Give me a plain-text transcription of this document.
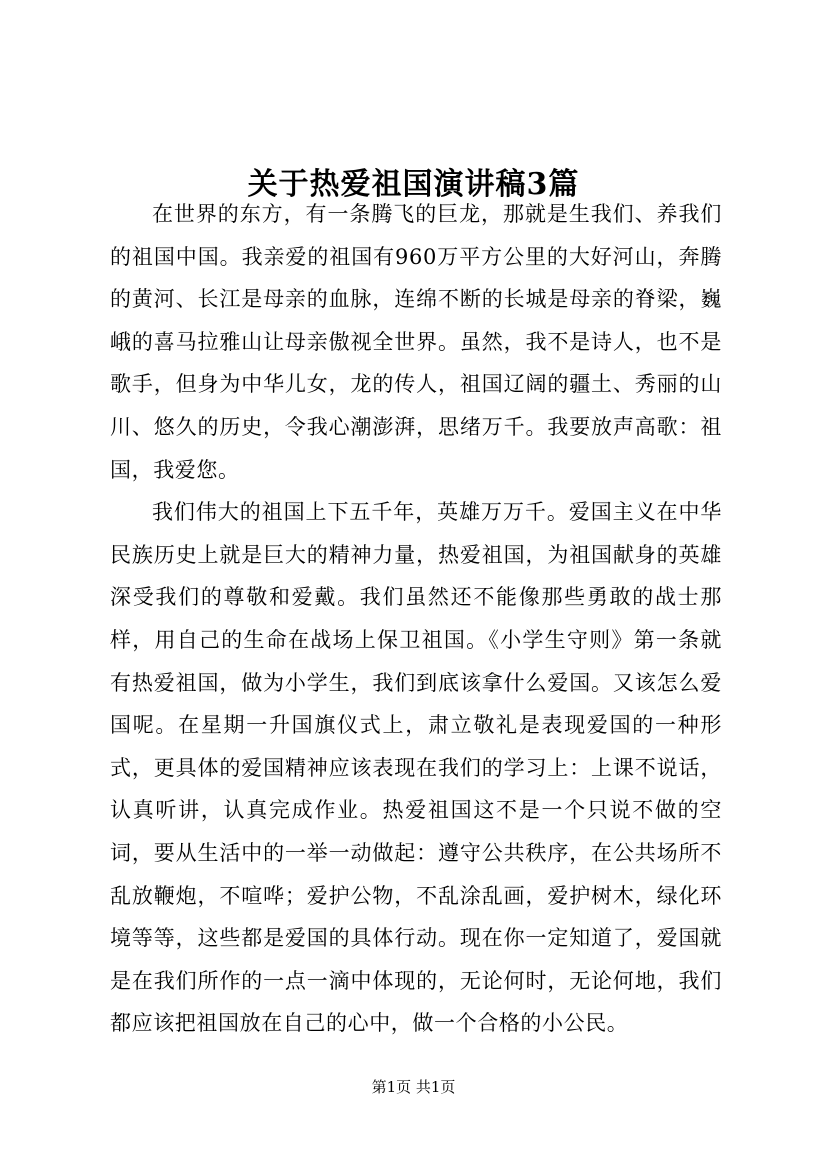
关于热爱祖国演讲稿3篇

在世界的东方，有一条腾飞的巨龙，那就是生我们、养我们的祖国中国。我亲爱的祖国有960万平方公里的大好河山，奔腾的黄河、长江是母亲的血脉，连绵不断的长城是母亲的脊梁，巍峨的喜马拉雅山让母亲傲视全世界。虽然，我不是诗人，也不是歌手，但身为中华儿女，龙的传人，祖国辽阔的疆土、秀丽的山川、悠久的历史，令我心潮澎湃，思绪万千。我要放声高歌：祖国，我爱您。

我们伟大的祖国上下五千年，英雄万万千。爱国主义在中华民族历史上就是巨大的精神力量，热爱祖国，为祖国献身的英雄深受我们的尊敬和爱戴。我们虽然还不能像那些勇敢的战士那样，用自己的生命在战场上保卫祖国。《小学生守则》第一条就有热爱祖国，做为小学生，我们到底该拿什么爱国。又该怎么爱国呢。在星期一升国旗仪式上，肃立敬礼是表现爱国的一种形式，更具体的爱国精神应该表现在我们的学习上：上课不说话，认真听讲，认真完成作业。热爱祖国这不是一个只说不做的空词，要从生活中的一举一动做起：遵守公共秩序，在公共场所不乱放鞭炮，不喧哗；爱护公物，不乱涂乱画，爱护树木，绿化环境等等，这些都是爱国的具体行动。现在你一定知道了，爱国就是在我们所作的一点一滴中体现的，无论何时，无论何地，我们都应该把祖国放在自己的心中，做一个合格的小公民。

第1页 共1页
